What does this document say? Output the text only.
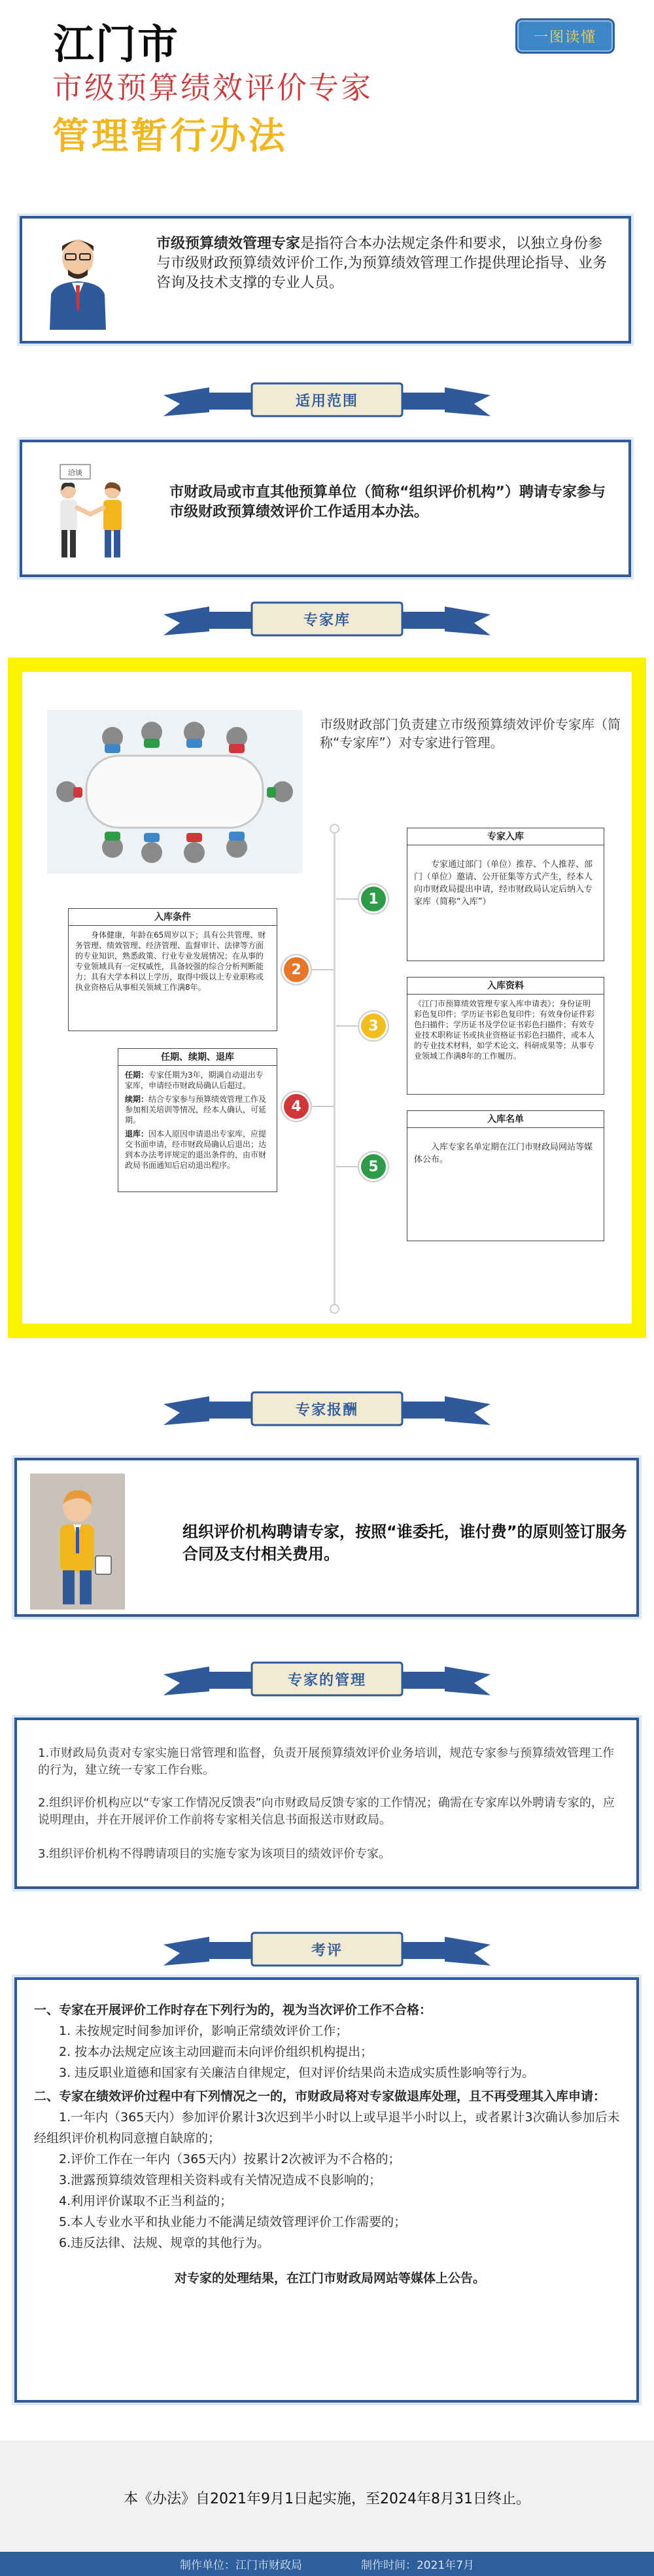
江门市
市级预算绩效评价专家
管理暂行办法
一图读懂
市级预算绩效管理专家是指符合本办法规定条件和要求，以独立身份参与市级财政预算绩效评价工作,为预算绩效管理工作提供理论指导、业务咨询及技术支撑的专业人员。
适用范围
洽谈
市财政局或市直其他预算单位（简称“组织评价机构”）聘请专家参与市级财政预算绩效评价工作适用本办法。
专家库
市级财政部门负责建立市级预算绩效评价专家库（简称“专家库”）对专家进行管理。
1
2
3
4
5
专家入库
专家通过部门（单位）推荐、个人推荐、部门（单位）邀请、公开征集等方式产生，经本人向市财政局提出申请，经市财政局认定后纳入专家库（简称“入库”）
入库资料
《江门市预算绩效管理专家入库申请表》；身份证明彩色复印件；学历证书彩色复印件；有效身份证件彩色扫描件；学历证书及学位证书彩色扫描件；有效专业技术职称证书或执业资格证书彩色扫描件，或本人的专业技术材料，如学术论文、科研成果等；从事专业领域工作满8年的工作履历。
入库名单
入库专家名单定期在江门市财政局网站等媒体公布。
入库条件
身体健康，年龄在65周岁以下；具有公共管理、财务管理、绩效管理、经济管理、监督审计、法律等方面的专业知识，熟悉政策、行业专业发展情况；在从事的专业领域具有一定权威性，具备较强的综合分析判断能力；具有大学本科以上学历，取得中级以上专业职称或执业资格后从事相关领域工作满8年。
任期、续期、退库
任期：专家任期为3年，期满自动退出专家库，申请经市财政局确认后超过。
续期：结合专家参与预算绩效管理工作及参加相关培训等情况，经本人确认，可延期。
退库：因本人原因申请退出专家库，应提交书面申请，经市财政局确认后退出；达到本办法考评规定的退出条件的，由市财政局书面通知后启动退出程序。
专家报酬
组织评价机构聘请专家，按照“谁委托，谁付费”的原则签订服务合同及支付相关费用。
专家的管理
1.市财政局负责对专家实施日常管理和监督，负责开展预算绩效评价业务培训，规范专家参与预算绩效管理工作的行为，建立统一专家工作台账。
2.组织评价机构应以“专家工作情况反馈表”向市财政局反馈专家的工作情况；确需在专家库以外聘请专家的，应说明理由，并在开展评价工作前将专家相关信息书面报送市财政局。
3.组织评价机构不得聘请项目的实施专家为该项目的绩效评价专家。
考评
一、专家在开展评价工作时存在下列行为的，视为当次评价工作不合格：
1. 未按规定时间参加评价，影响正常绩效评价工作；
2. 按本办法规定应该主动回避而未向评价组织机构提出；
3. 违反职业道德和国家有关廉洁自律规定，但对评价结果尚未造成实质性影响等行为。
二、专家在绩效评价过程中有下列情况之一的，市财政局将对专家做退库处理，且不再受理其入库申请：
1.一年内（365天内）参加评价累计3次迟到半小时以上或早退半小时以上，或者累计3次确认参加后未经组织评价机构同意擅自缺席的；
2.评价工作在一年内（365天内）按累计2次被评为不合格的；
3.泄露预算绩效管理相关资料或有关情况造成不良影响的；
4.利用评价谋取不正当利益的；
5.本人专业水平和执业能力不能满足绩效管理评价工作需要的；
6.违反法律、法规、规章的其他行为。
对专家的处理结果，在江门市财政局网站等媒体上公告。
本《办法》自2021年9月1日起实施，至2024年8月31日终止。
制作单位：江门市财政局	制作时间：2021年7月
